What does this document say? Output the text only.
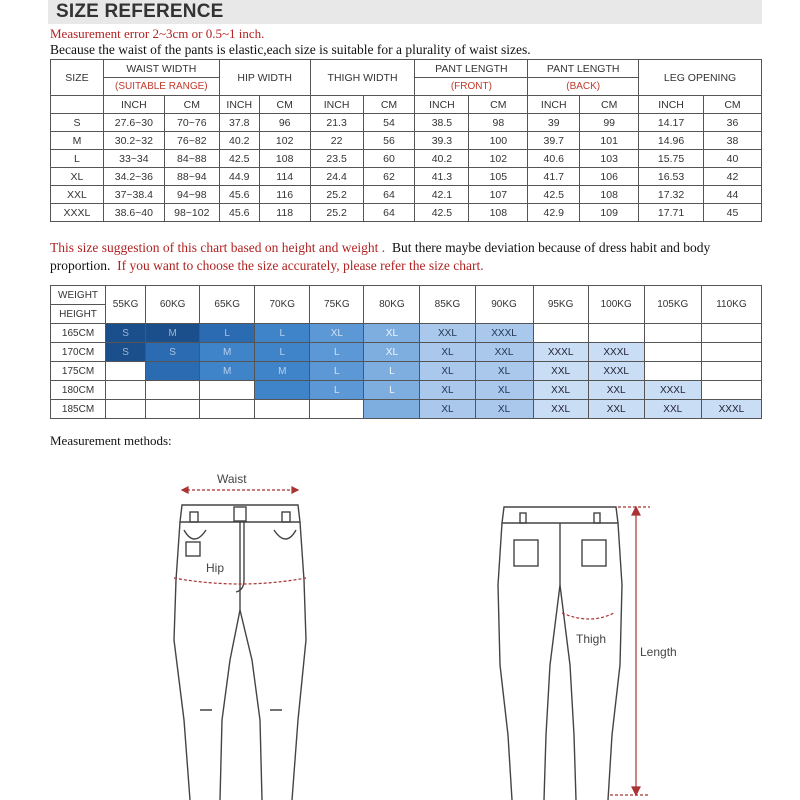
SIZE REFERENCE
Measurement error 2~3cm or 0.5~1 inch.
Because the waist of the pants is elastic,each size is suitable for a plurality of waist sizes.
SIZE	WAIST WIDTH		HIP WIDTH		THIGH WIDTH		PANT LENGTH		PANT LENGTH		LEG OPENING	
	(SUITABLE RANGE)						(FRONT)		(BACK)			
	INCH	CM	INCH	CM	INCH	CM	INCH	CM	INCH	CM	INCH	CM
S	27.6~30	70~76	37.8	96	21.3	54	38.5	98	39	99	14.17	36
M	30.2~32	76~82	40.2	102	22	56	39.3	100	39.7	101	14.96	38
L	33~34	84~88	42.5	108	23.5	60	40.2	102	40.6	103	15.75	40
XL	34.2~36	88~94	44.9	114	24.4	62	41.3	105	41.7	106	16.53	42
XXL	37~38.4	94~98	45.6	116	25.2	64	42.1	107	42.5	108	17.32	44
XXXL	38.6~40	98~102	45.6	118	25.2	64	42.5	108	42.9	109	17.71	45
This size suggestion of this chart based on height and weight . But there maybe deviation because of dress habit and body proportion. If you want to choose the size accurately, please refer the size chart.
WEIGHT	55KG	60KG	65KG	70KG	75KG	80KG	85KG	90KG	95KG	100KG	105KG	110KG
HEIGHT												
165CM	S	M	L	L	XL	XL	XXL	XXXL				
170CM	S	S	M	L	L	XL	XL	XXL	XXXL	XXXL		
175CM			M	M	L	L	XL	XL	XXL	XXXL		
180CM					L	L	XL	XL	XXL	XXL	XXXL	
185CM							XL	XL	XXL	XXL	XXL	XXXL
Measurement methods:
Waist
Hip
Thigh
Length
